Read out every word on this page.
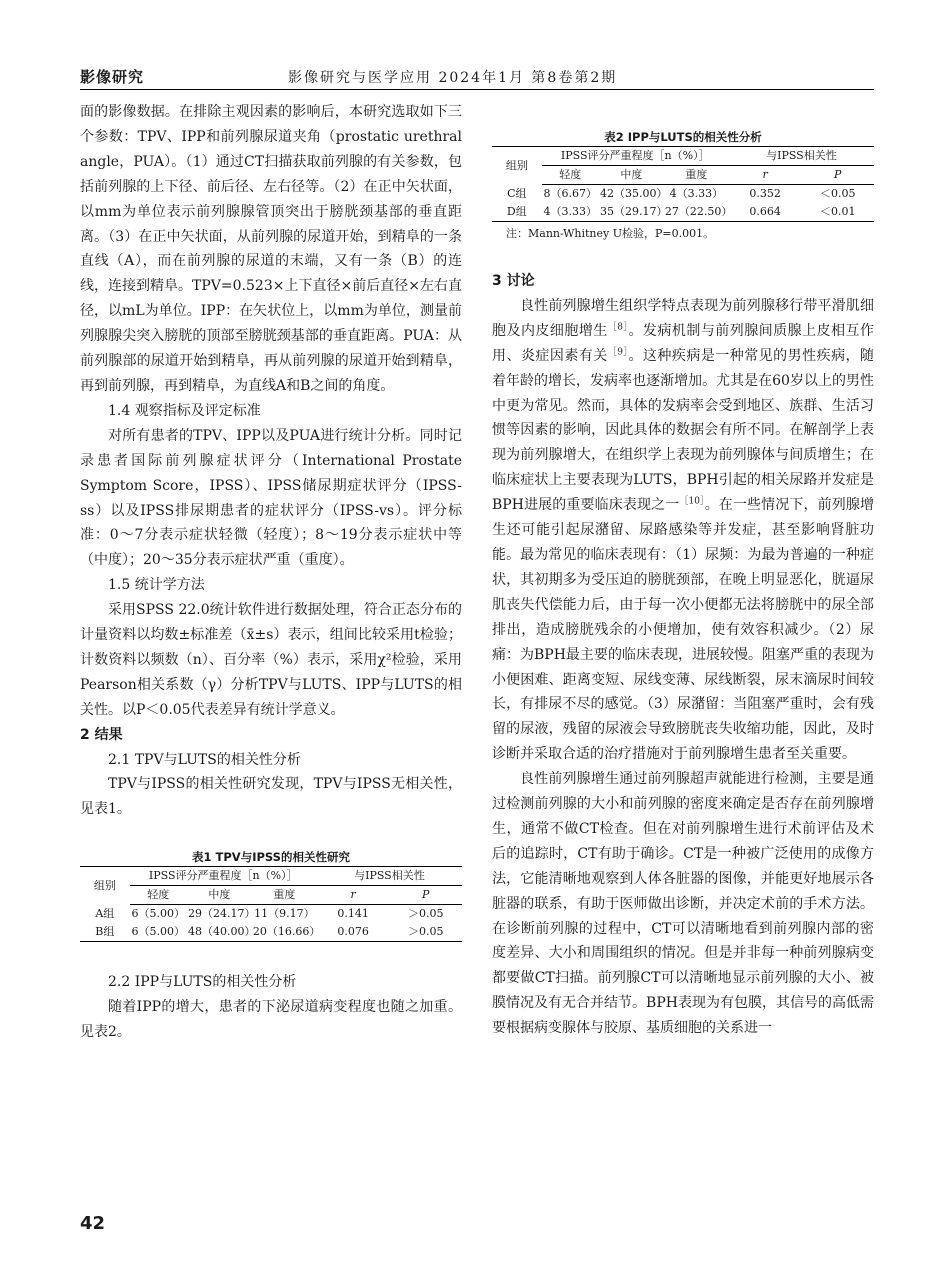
影像研究	影像研究与医学应用 2024年1月 第8卷第2期

面的影像数据。在排除主观因素的影响后，本研究选取如下三个参数：TPV、IPP和前列腺尿道夹角（prostatic urethral angle，PUA）。（1）通过CT扫描获取前列腺的有关参数，包括前列腺的上下径、前后径、左右径等。（2）在正中矢状面，以mm为单位表示前列腺腺管顶突出于膀胱颈基部的垂直距离。（3）在正中矢状面，从前列腺的尿道开始，到精阜的一条直线（A），而在前列腺的尿道的末端，又有一条（B）的连线，连接到精阜。TPV=0.523×上下直径×前后直径×左右直径，以mL为单位。IPP：在矢状位上，以mm为单位，测量前列腺腺尖突入膀胱的顶部至膀胱颈基部的垂直距离。PUA：从前列腺部的尿道开始到精阜，再从前列腺的尿道开始到精阜，再到前列腺，再到精阜，为直线A和B之间的角度。

1.4 观察指标及评定标准

对所有患者的TPV、IPP以及PUA进行统计分析。同时记录患者国际前列腺症状评分（International Prostate Symptom Score，IPSS）、IPSS储尿期症状评分（IPSS-ss）以及IPSS排尿期患者的症状评分（IPSS-vs）。评分标准：0～7分表示症状轻微（轻度）；8～19分表示症状中等（中度）；20～35分表示症状严重（重度）。

1.5 统计学方法

采用SPSS 22.0统计软件进行数据处理，符合正态分布的计量资料以均数±标准差（x̄±s）表示，组间比较采用t检验；计数资料以频数（n）、百分率（%）表示，采用χ²检验，采用Pearson相关系数（γ）分析TPV与LUTS、IPP与LUTS的相关性。以P＜0.05代表差异有统计学意义。

2 结果

2.1 TPV与LUTS的相关性分析

TPV与IPSS的相关性研究发现，TPV与IPSS无相关性，见表1。

表1 TPV与IPSS的相关性研究

组别	IPSS评分严重程度［n（%）］			与IPSS相关性	
	轻度	中度	重度	r	P
A组	6（5.00）	29（24.17）	11（9.17）	0.141	＞0.05
B组	6（5.00）	48（40.00）	20（16.66）	0.076	＞0.05

2.2 IPP与LUTS的相关性分析

随着IPP的增大，患者的下泌尿道病变程度也随之加重。见表2。

表2 IPP与LUTS的相关性分析

组别	IPSS评分严重程度［n（%）］			与IPSS相关性	
	轻度	中度	重度	r	P
C组	8（6.67）	42（35.00）	4（3.33）	0.352	＜0.05
D组	4（3.33）	35（29.17）	27（22.50）	0.664	＜0.01

注：Mann-Whitney U检验，P=0.001。

3 讨论

良性前列腺增生组织学特点表现为前列腺移行带平滑肌细胞及内皮细胞增生$^{[8]}$。发病机制与前列腺间质腺上皮相互作用、炎症因素有关$^{[9]}$。这种疾病是一种常见的男性疾病，随着年龄的增长，发病率也逐渐增加。尤其是在60岁以上的男性中更为常见。然而，具体的发病率会受到地区、族群、生活习惯等因素的影响，因此具体的数据会有所不同。在解剖学上表现为前列腺增大，在组织学上表现为前列腺体与间质增生；在临床症状上主要表现为LUTS，BPH引起的相关尿路并发症是BPH进展的重要临床表现之一$^{[10]}$。在一些情况下，前列腺增生还可能引起尿潴留、尿路感染等并发症，甚至影响肾脏功能。最为常见的临床表现有：（1）尿频：为最为普遍的一种症状，其初期多为受压迫的膀胱颈部，在晚上明显恶化，胱逼尿肌丧失代偿能力后，由于每一次小便都无法将膀胱中的尿全部排出，造成膀胱残余的小便增加，使有效容积减少。（2）尿痛：为BPH最主要的临床表现，进展较慢。阻塞严重的表现为小便困难、距离变短、尿线变薄、尿线断裂，尿末滴尿时间较长，有排尿不尽的感觉。（3）尿潴留：当阻塞严重时，会有残留的尿液，残留的尿液会导致膀胱丧失收缩功能，因此，及时诊断并采取合适的治疗措施对于前列腺增生患者至关重要。

良性前列腺增生通过前列腺超声就能进行检测，主要是通过检测前列腺的大小和前列腺的密度来确定是否存在前列腺增生，通常不做CT检查。但在对前列腺增生进行术前评估及术后的追踪时，CT有助于确诊。CT是一种被广泛使用的成像方法，它能清晰地观察到人体各脏器的图像，并能更好地展示各脏器的联系，有助于医师做出诊断，并决定术前的手术方法。在诊断前列腺的过程中，CT可以清晰地看到前列腺内部的密度差异、大小和周围组织的情况。但是并非每一种前列腺病变都要做CT扫描。前列腺CT可以清晰地显示前列腺的大小、被膜情况及有无合并结节。BPH表现为有包膜，其信号的高低需要根据病变腺体与胶原、基质细胞的关系进一

42
